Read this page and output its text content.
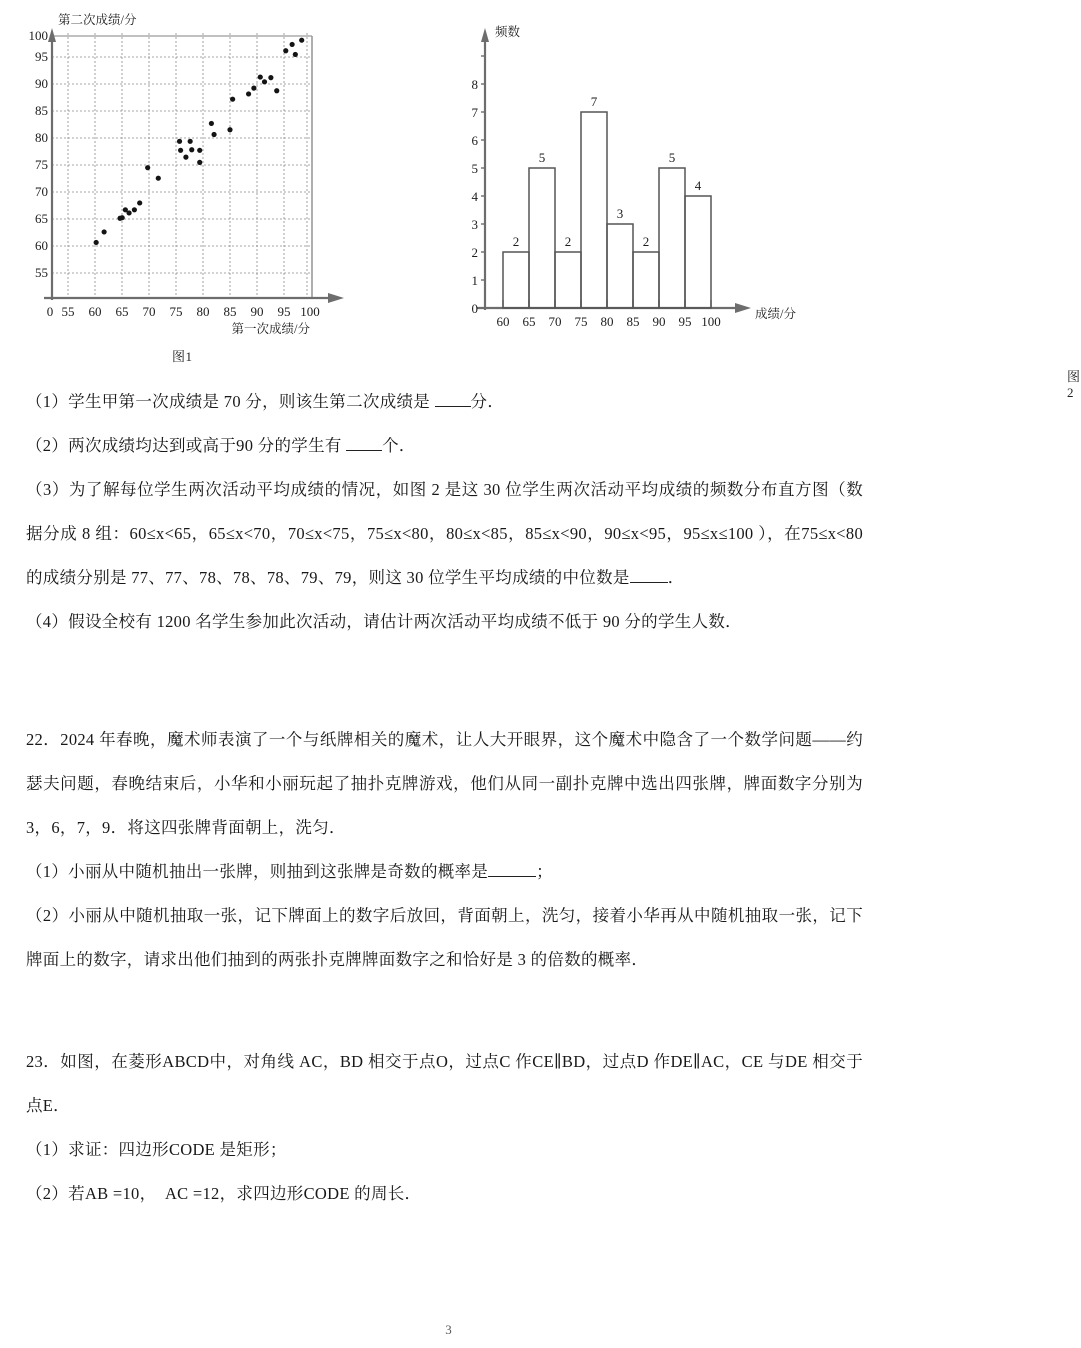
100
95
90
85
80
75
70
65
60
55
0 55 60 65 70 75 80 85 90 95 100
第二次成绩/分
第一次成绩/分
图1
0
1
2
3
4
5
6
7
8
60 65 70 75 80 85 90 95 100
2
5
2
7
3
2
5
4
频数
成绩/分
图2
（1）学生甲第一次成绩是 70 分，则该生第二次成绩是 分．
（2）两次成绩均达到或高于90 分的学生有 个．
（3）为了解每位学生两次活动平均成绩的情况，如图 2 是这 30 位学生两次活动平均成绩的频数分布直方图（数据分成 8 组：60≤x<65，65≤x<70，70≤x<75，75≤x<80，80≤x<85，85≤x<90，90≤x<95，95≤x≤100 ），在75≤x<80的成绩分别是 77、77、78、78、78、79、79，则这 30 位学生平均成绩的中位数是 ．
（4）假设全校有 1200 名学生参加此次活动，请估计两次活动平均成绩不低于 90 分的学生人数．
22．2024 年春晚，魔术师表演了一个与纸牌相关的魔术，让人大开眼界，这个魔术中隐含了一个数学问题——约瑟夫问题，春晚结束后，小华和小丽玩起了抽扑克牌游戏，他们从同一副扑克牌中选出四张牌，牌面数字分别为 3，6，7，9．将这四张牌背面朝上，洗匀．
（1）小丽从中随机抽出一张牌，则抽到这张牌是奇数的概率是	；
（2）小丽从中随机抽取一张，记下牌面上的数字后放回，背面朝上，洗匀，接着小华再从中随机抽取一张，记下牌面上的数字，请求出他们抽到的两张扑克牌牌面数字之和恰好是 3 的倍数的概率．
23．如图，在菱形ABCD中，对角线 AC，BD 相交于点O，过点C 作CE∥BD，过点D 作DE∥AC，CE 与DE 相交于点E．
（1）求证：四边形CODE 是矩形；
（2）若AB =10，　AC =12，求四边形CODE 的周长．
3
